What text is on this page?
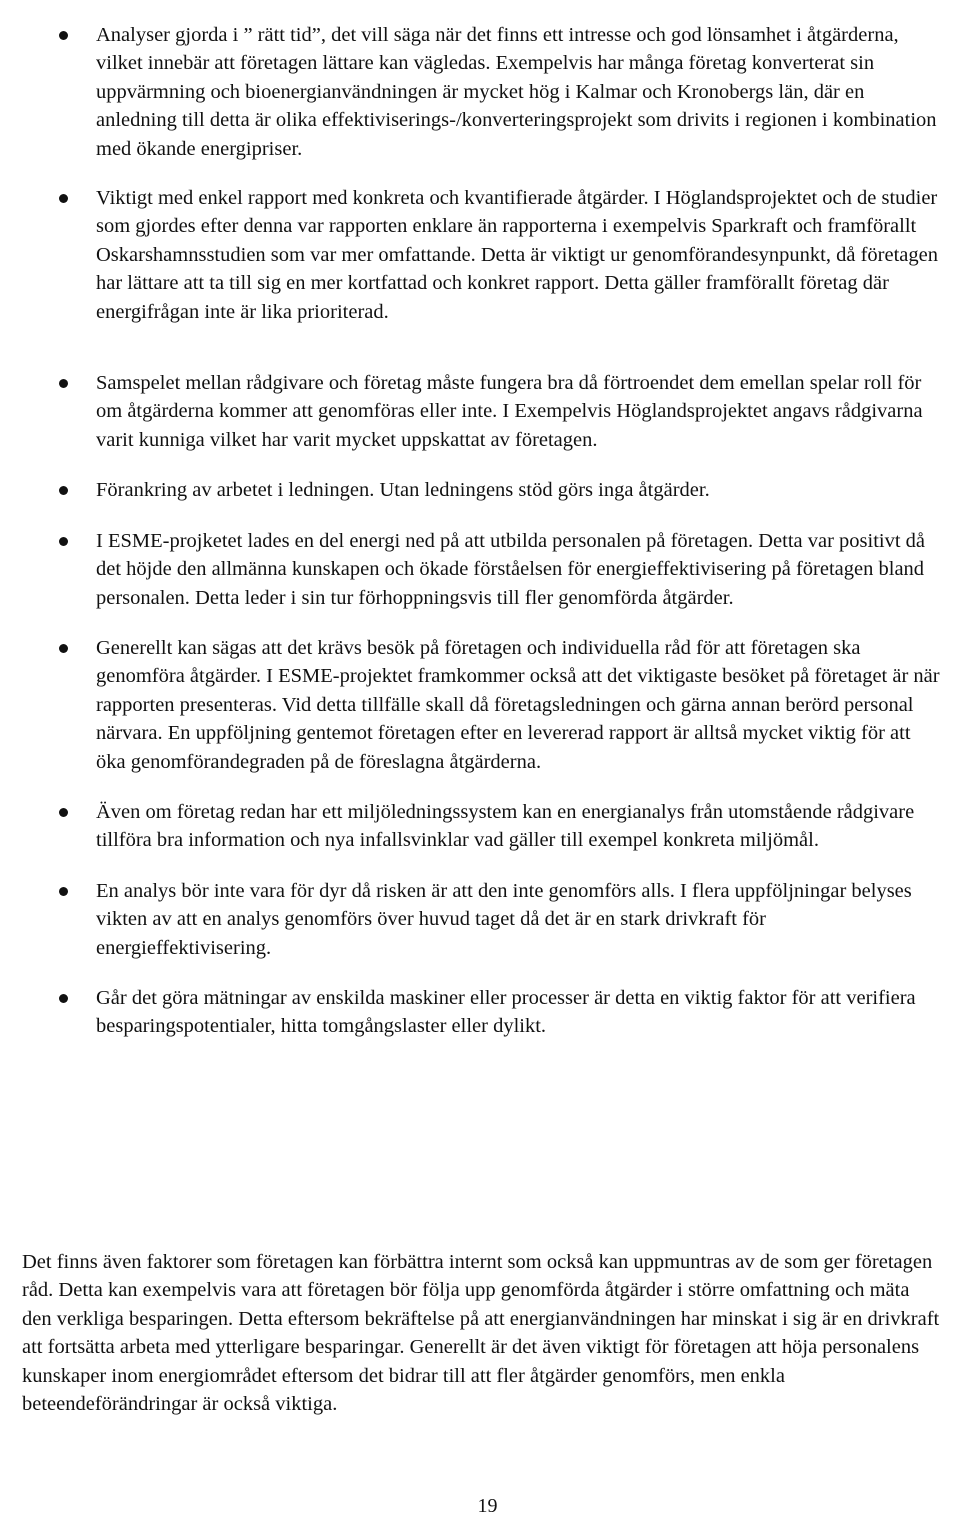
Analyser gjorda i ” rätt tid”, det vill säga när det finns ett intresse och god lönsamhet i åtgärderna, vilket innebär att företagen lättare kan vägledas. Exempelvis har många företag konverterat sin uppvärmning och bioenergianvändningen är mycket hög i Kalmar och Kronobergs län, där en anledning till detta är olika effektiviserings-/konverteringsprojekt som drivits i regionen i kombination med ökande energipriser.
Viktigt med enkel rapport med konkreta och kvantifierade åtgärder. I Höglandsprojektet och de studier som gjordes efter denna var rapporten enklare än rapporterna i exempelvis Sparkraft och framförallt Oskarshamnsstudien som var mer omfattande. Detta är viktigt ur genomförandesynpunkt, då företagen har lättare att ta till sig en mer kortfattad och konkret rapport. Detta gäller framförallt företag där energifrågan inte är lika prioriterad.
Samspelet mellan rådgivare och företag måste fungera bra då förtroendet dem emellan spelar roll för om åtgärderna kommer att genomföras eller inte. I Exempelvis Höglandsprojektet angavs rådgivarna varit kunniga vilket har varit mycket uppskattat av företagen.
Förankring av arbetet i ledningen. Utan ledningens stöd görs inga åtgärder.
I ESME-projketet lades en del energi ned på att utbilda personalen på företagen. Detta var positivt då det höjde den allmänna kunskapen och ökade förståelsen för energieffektivisering på företagen bland personalen. Detta leder i sin tur förhoppningsvis till fler genomförda åtgärder.
Generellt kan sägas att det krävs besök på företagen och individuella råd för att företagen ska genomföra åtgärder. I ESME-projektet framkommer också att det viktigaste besöket på företaget är när rapporten presenteras. Vid detta tillfälle skall då företagsledningen och gärna annan berörd personal närvara. En uppföljning gentemot företagen efter en levererad rapport är alltså mycket viktig för att öka genomförandegraden på de föreslagna åtgärderna.
Även om företag redan har ett miljöledningssystem kan en energianalys från utomstående rådgivare tillföra bra information och nya infallsvinklar vad gäller till exempel konkreta miljömål.
En analys bör inte vara för dyr då risken är att den inte genomförs alls. I flera uppföljningar belyses vikten av att en analys genomförs över huvud taget då det är en stark drivkraft för energieffektivisering.
Går det göra mätningar av enskilda maskiner eller processer är detta en viktig faktor för att verifiera besparingspotentialer, hitta tomgångslaster eller dylikt.

Det finns även faktorer som företagen kan förbättra internt som också kan uppmuntras av de som ger företagen råd. Detta kan exempelvis vara att företagen bör följa upp genomförda åtgärder i större omfattning och mäta den verkliga besparingen. Detta eftersom bekräftelse på att energianvändningen har minskat i sig är en drivkraft att fortsätta arbeta med ytterligare besparingar. Generellt är det även viktigt för företagen att höja personalens kunskaper inom energiområdet eftersom det bidrar till att fler åtgärder genomförs, men enkla beteendeförändringar är också viktiga.

19
